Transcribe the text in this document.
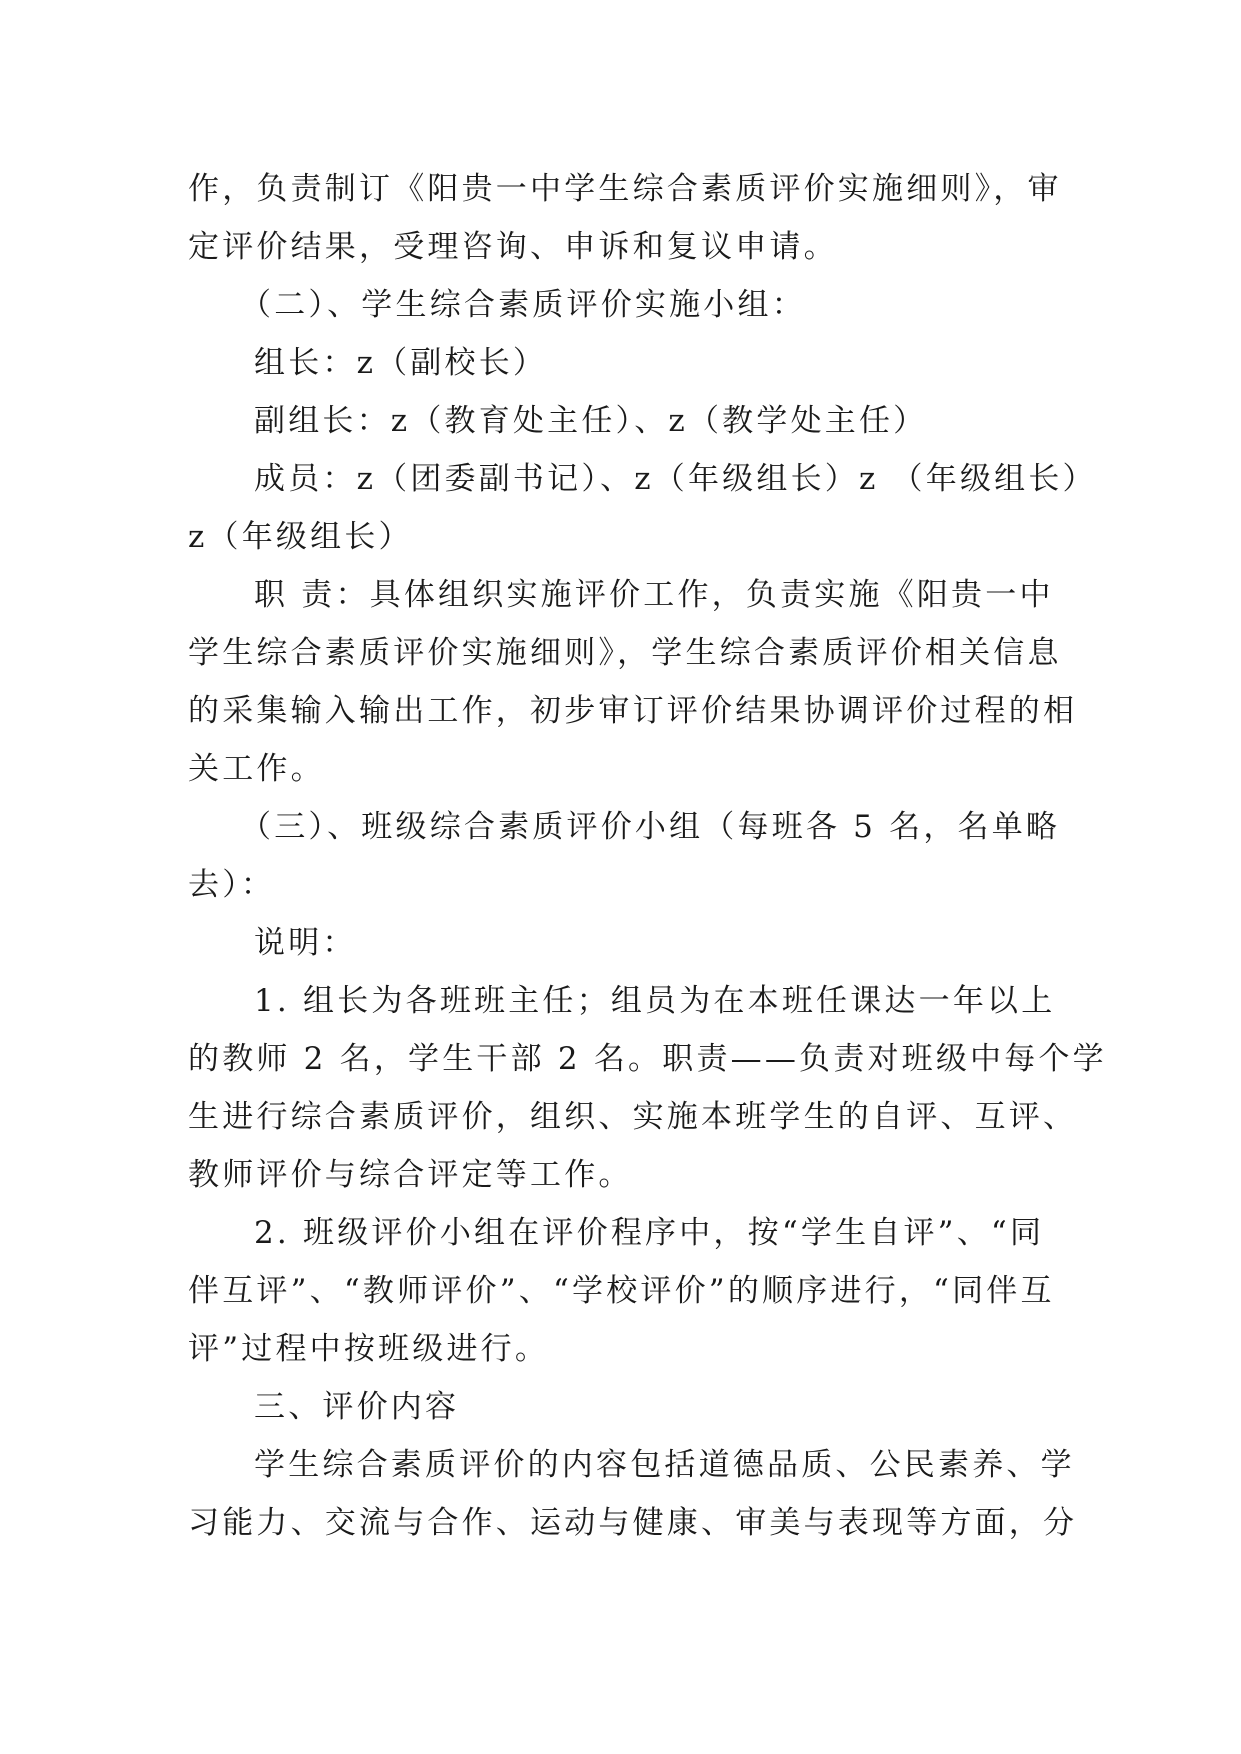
作，负责制订《阳贵一中学生综合素质评价实施细则》，审
定评价结果，受理咨询、申诉和复议申请。
（二）、学生综合素质评价实施小组：
组长：z（副校长）
副组长：z（教育处主任）、z（教学处主任）
成员：z（团委副书记）、z（年级组长）z （年级组长）
z（年级组长）
职 责：具体组织实施评价工作，负责实施《阳贵一中
学生综合素质评价实施细则》，学生综合素质评价相关信息
的采集输入输出工作，初步审订评价结果协调评价过程的相
关工作。
（三）、班级综合素质评价小组（每班各 5 名，名单略
去）：
说明：
1. 组长为各班班主任；组员为在本班任课达一年以上
的教师 2 名，学生干部 2 名。职责——负责对班级中每个学
生进行综合素质评价，组织、实施本班学生的自评、互评、
教师评价与综合评定等工作。
2. 班级评价小组在评价程序中，按“学生自评”、“同
伴互评”、“教师评价”、“学校评价”的顺序进行，“同伴互
评”过程中按班级进行。
三、评价内容
学生综合素质评价的内容包括道德品质、公民素养、学
习能力、交流与合作、运动与健康、审美与表现等方面，分
